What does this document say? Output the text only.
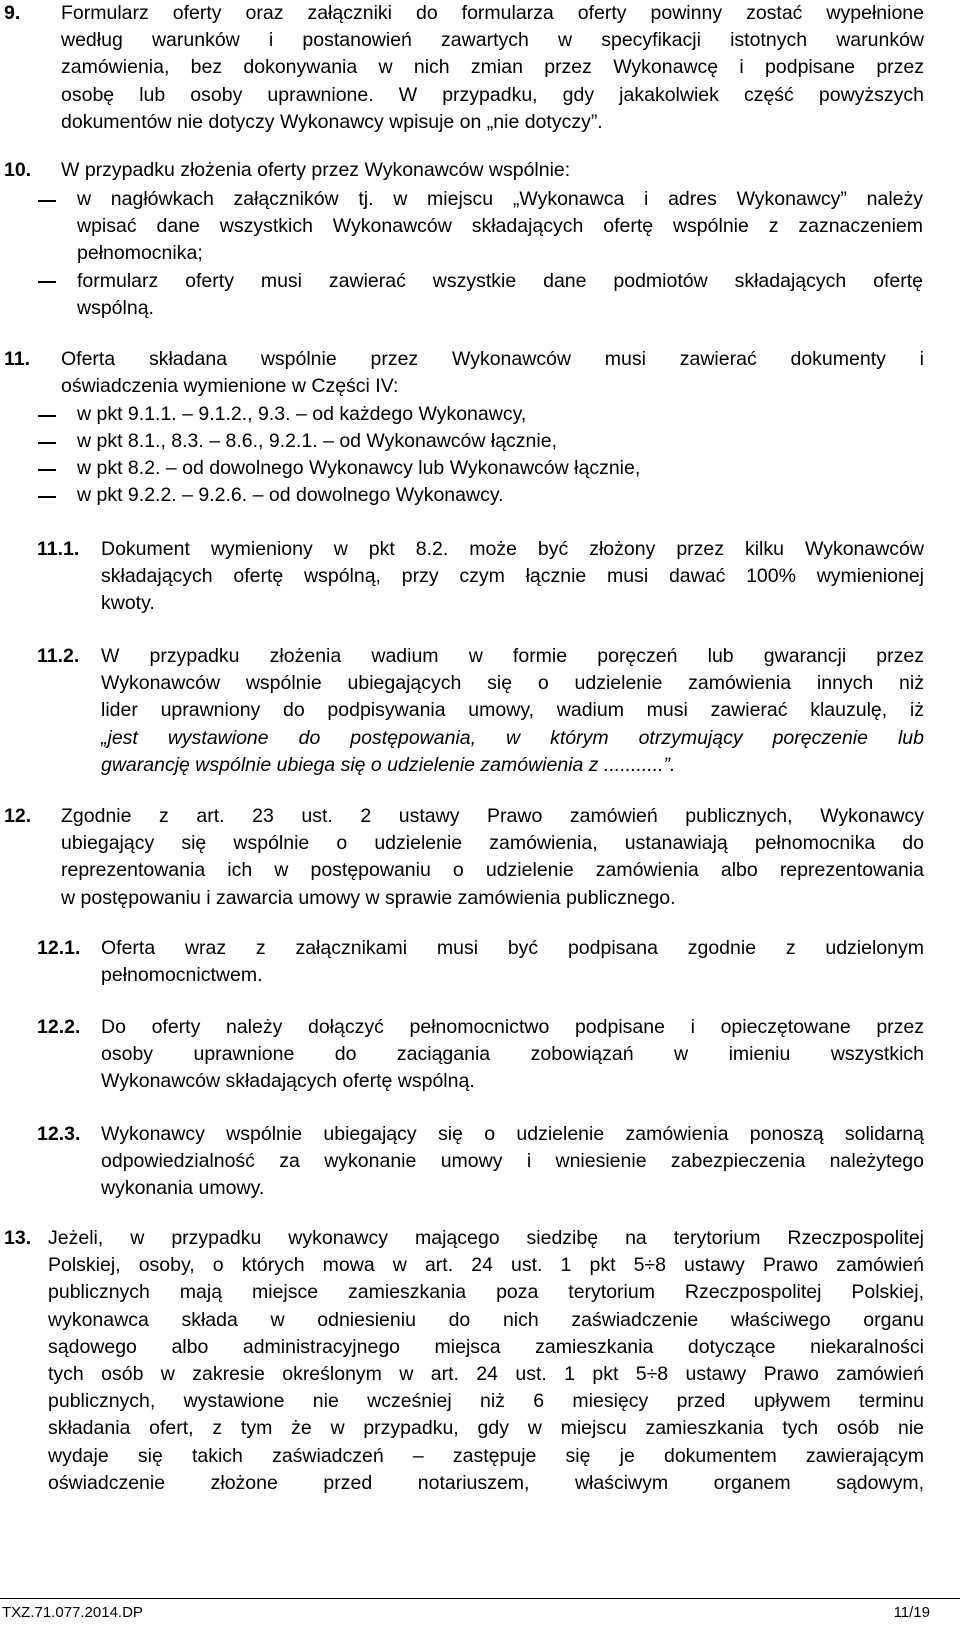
9. Formularz oferty oraz załączniki do formularza oferty powinny zostać wypełnione
według warunków i postanowień zawartych w specyfikacji istotnych warunków
zamówienia, bez dokonywania w nich zmian przez Wykonawcę i podpisane przez
osobę lub osoby uprawnione. W przypadku, gdy jakakolwiek część powyższych
dokumentów nie dotyczy Wykonawcy wpisuje on „nie dotyczy”.
10. W przypadku złożenia oferty przez Wykonawców wspólnie:
w nagłówkach załączników tj. w miejscu „Wykonawca i adres Wykonawcy” należy
wpisać dane wszystkich Wykonawców składających ofertę wspólnie z zaznaczeniem
pełnomocnika;
formularz oferty musi zawierać wszystkie dane podmiotów składających ofertę
wspólną.
11. Oferta składana wspólnie przez Wykonawców musi zawierać dokumenty i
oświadczenia wymienione w Części IV:
w pkt 9.1.1. – 9.1.2., 9.3. – od każdego Wykonawcy,
w pkt 8.1., 8.3. – 8.6., 9.2.1. – od Wykonawców łącznie,
w pkt 8.2. – od dowolnego Wykonawcy lub Wykonawców łącznie,
w pkt 9.2.2. – 9.2.6. – od dowolnego Wykonawcy.
11.1. Dokument wymieniony w pkt 8.2. może być złożony przez kilku Wykonawców
składających ofertę wspólną, przy czym łącznie musi dawać 100% wymienionej
kwoty.
11.2. W przypadku złożenia wadium w formie poręczeń lub gwarancji przez
Wykonawców wspólnie ubiegających się o udzielenie zamówienia innych niż
lider uprawniony do podpisywania umowy, wadium musi zawierać klauzulę, iż
„jest wystawione do postępowania, w którym otrzymujący poręczenie lub
gwarancję wspólnie ubiega się o udzielenie zamówienia z ...........”.
12. Zgodnie z art. 23 ust. 2 ustawy Prawo zamówień publicznych, Wykonawcy
ubiegający się wspólnie o udzielenie zamówienia, ustanawiają pełnomocnika do
reprezentowania ich w postępowaniu o udzielenie zamówienia albo reprezentowania
w postępowaniu i zawarcia umowy w sprawie zamówienia publicznego.
12.1. Oferta wraz z załącznikami musi być podpisana zgodnie z udzielonym
pełnomocnictwem.
12.2. Do oferty należy dołączyć pełnomocnictwo podpisane i opieczętowane przez
osoby uprawnione do zaciągania zobowiązań w imieniu wszystkich
Wykonawców składających ofertę wspólną.
12.3. Wykonawcy wspólnie ubiegający się o udzielenie zamówienia ponoszą solidarną
odpowiedzialność za wykonanie umowy i wniesienie zabezpieczenia należytego
wykonania umowy.
13. Jeżeli, w przypadku wykonawcy mającego siedzibę na terytorium Rzeczpospolitej
Polskiej, osoby, o których mowa w art. 24 ust. 1 pkt 5÷8 ustawy Prawo zamówień
publicznych mają miejsce zamieszkania poza terytorium Rzeczpospolitej Polskiej,
wykonawca składa w odniesieniu do nich zaświadczenie właściwego organu
sądowego albo administracyjnego miejsca zamieszkania dotyczące niekaralności
tych osób w zakresie określonym w art. 24 ust. 1 pkt 5÷8 ustawy Prawo zamówień
publicznych, wystawione nie wcześniej niż 6 miesięcy przed upływem terminu
składania ofert, z tym że w przypadku, gdy w miejscu zamieszkania tych osób nie
wydaje się takich zaświadczeń – zastępuje się je dokumentem zawierającym
oświadczenie złożone przed notariuszem, właściwym organem sądowym,
TXZ.71.077.2014.DP	11/19
